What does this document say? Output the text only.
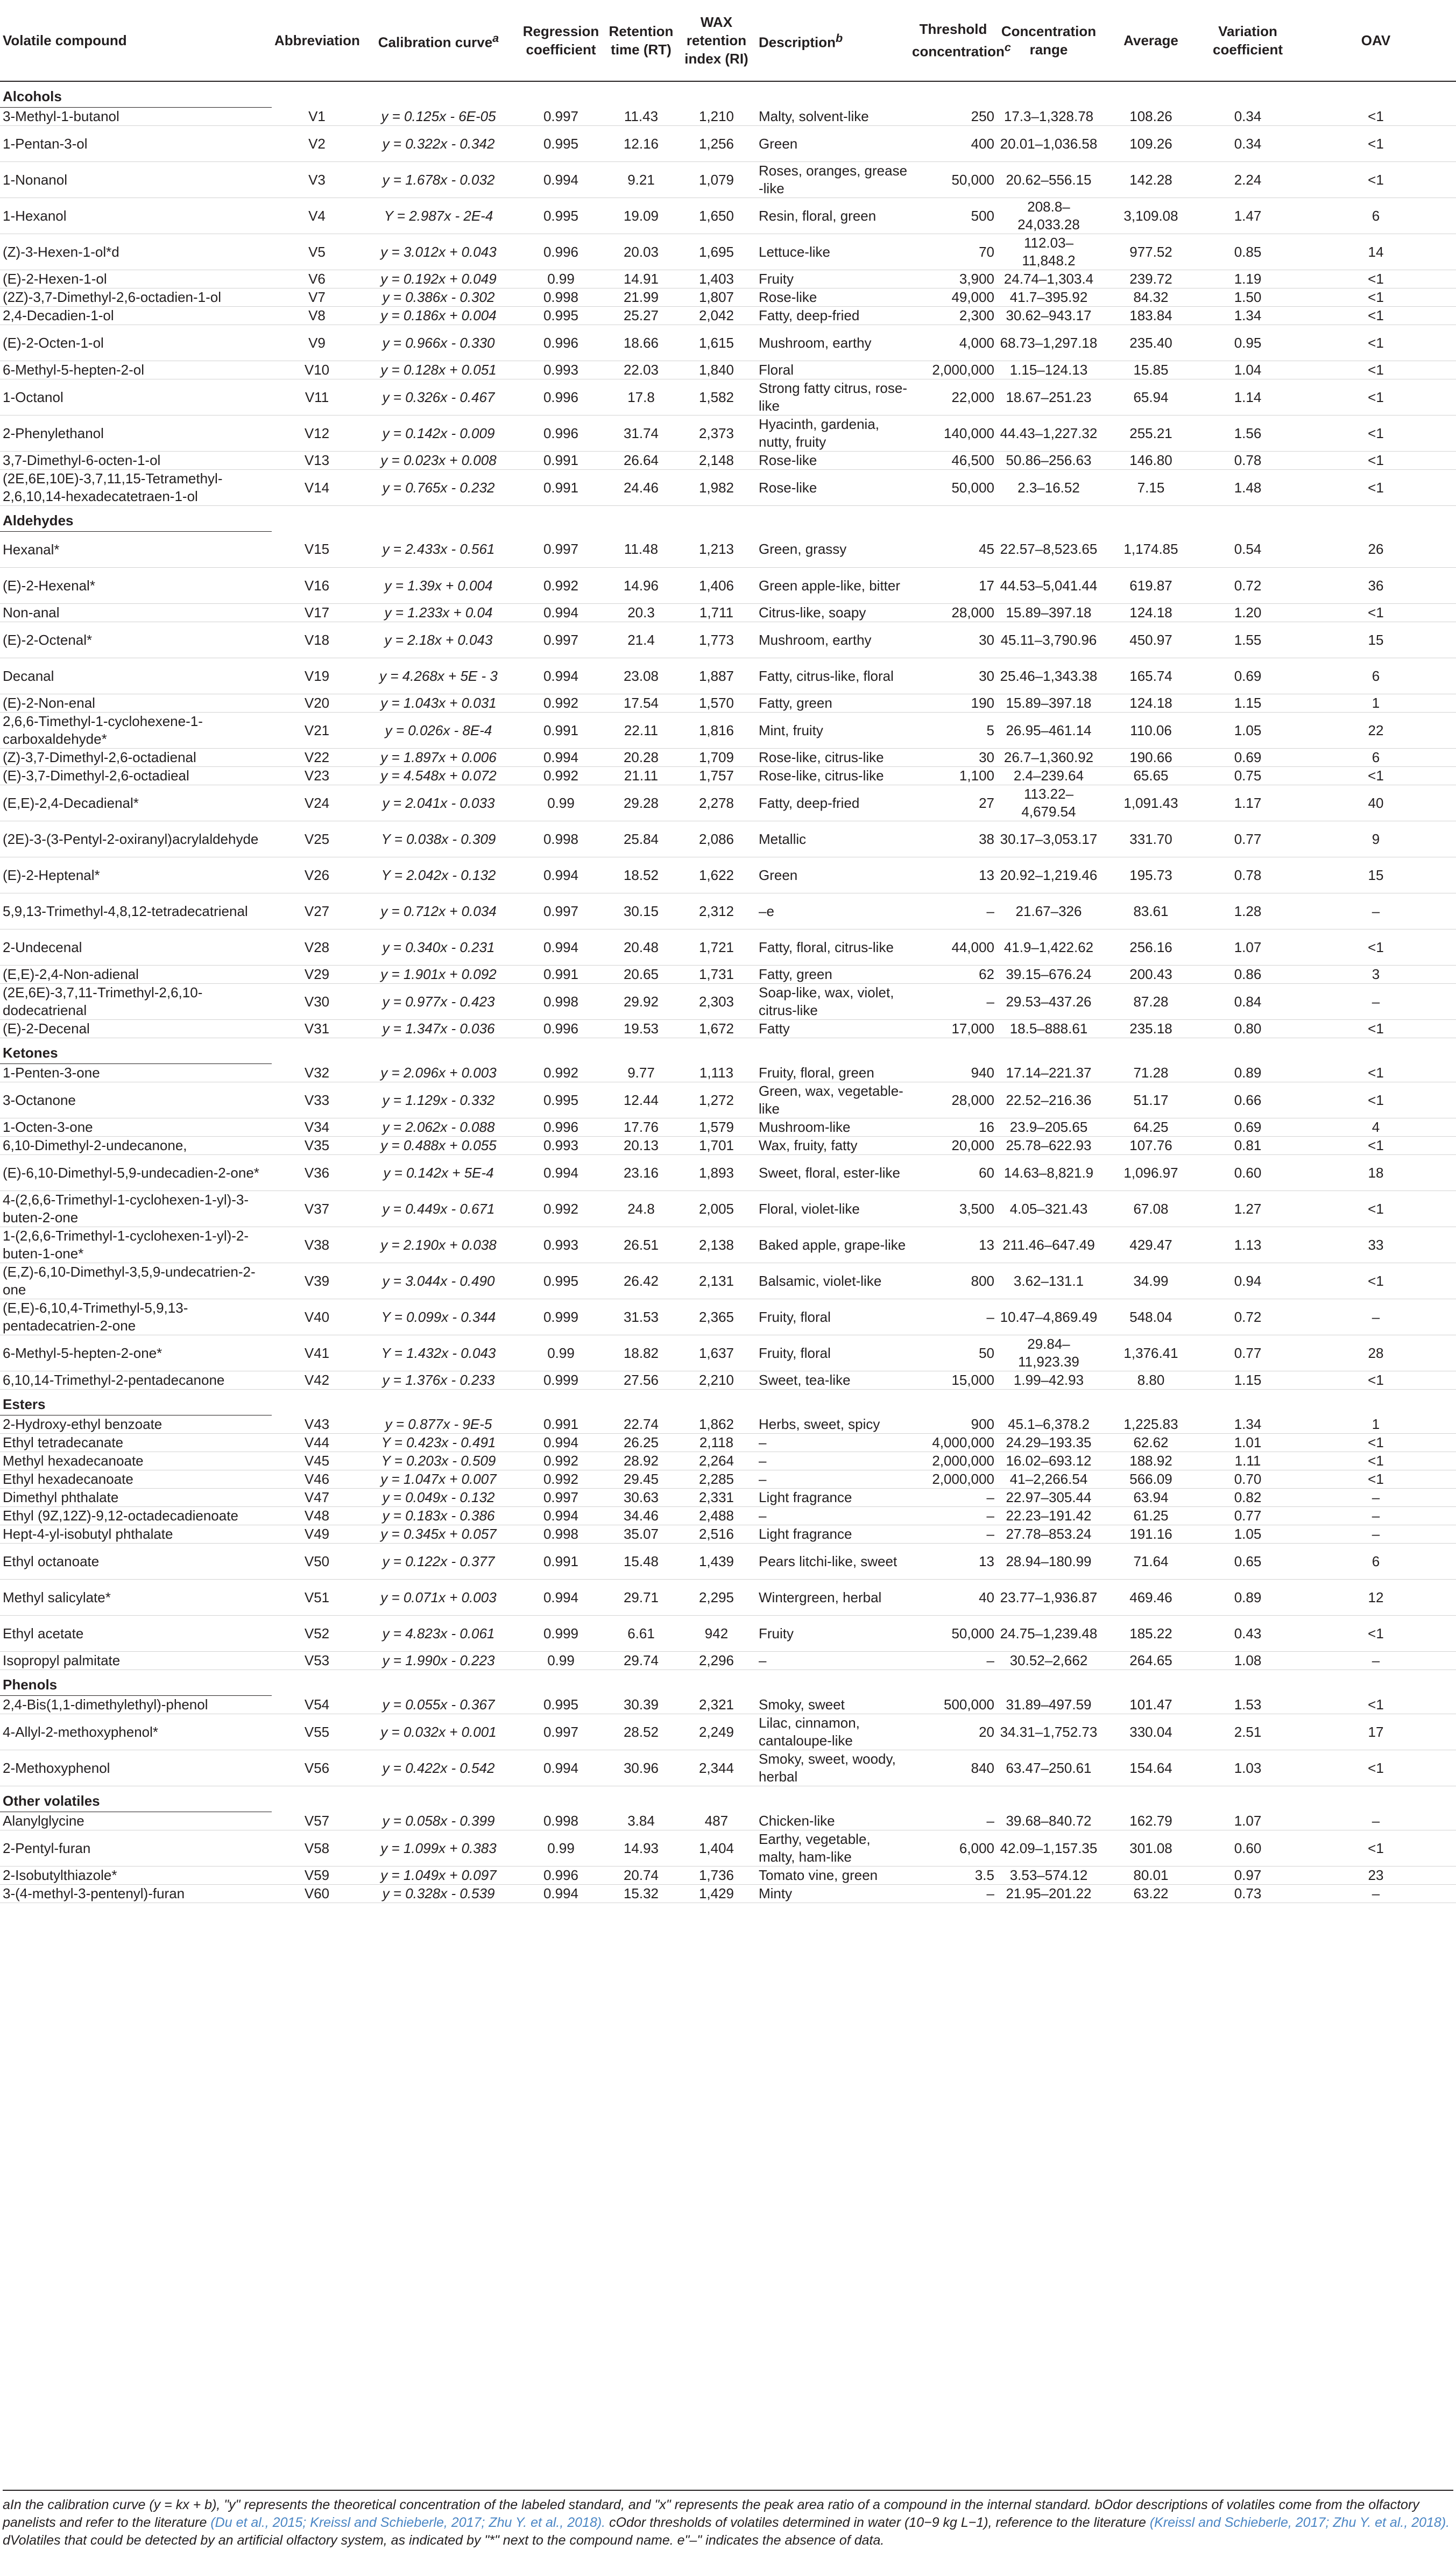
Volatile compound	Abbreviation	Calibration curve$^a$	Regression coefficient	Retention time (RT)	WAX retention index (RI)	Description$^b$	Threshold concentration$^c$	Concentration range	Average	Variation coefficient	OAV
Alcohols											
3-Methyl-1-butanol	V1	y = 0.125x - 6E-05	0.997	11.43	1,210	Malty, solvent-like	250	17.3–1,328.78	108.26	0.34	<1
1-Pentan-3-ol	V2	y = 0.322x - 0.342	0.995	12.16	1,256	Green	400	20.01–1,036.58	109.26	0.34	<1
1-Nonanol	V3	y = 1.678x - 0.032	0.994	9.21	1,079	Roses, oranges, grease -like	50,000	20.62–556.15	142.28	2.24	<1
1-Hexanol	V4	Y = 2.987x - 2E-4	0.995	19.09	1,650	Resin, floral, green	500	208.8–24,033.28	3,109.08	1.47	6
(Z)-3-Hexen-1-ol*d	V5	y = 3.012x + 0.043	0.996	20.03	1,695	Lettuce-like	70	112.03–11,848.2	977.52	0.85	14
(E)-2-Hexen-1-ol	V6	y = 0.192x + 0.049	0.99	14.91	1,403	Fruity	3,900	24.74–1,303.4	239.72	1.19	<1
(2Z)-3,7-Dimethyl-2,6-octadien-1-ol	V7	y = 0.386x - 0.302	0.998	21.99	1,807	Rose-like	49,000	41.7–395.92	84.32	1.50	<1
2,4-Decadien-1-ol	V8	y = 0.186x + 0.004	0.995	25.27	2,042	Fatty, deep-fried	2,300	30.62–943.17	183.84	1.34	<1
(E)-2-Octen-1-ol	V9	y = 0.966x - 0.330	0.996	18.66	1,615	Mushroom, earthy	4,000	68.73–1,297.18	235.40	0.95	<1
6-Methyl-5-hepten-2-ol	V10	y = 0.128x + 0.051	0.993	22.03	1,840	Floral	2,000,000	1.15–124.13	15.85	1.04	<1
1-Octanol	V11	y = 0.326x - 0.467	0.996	17.8	1,582	Strong fatty citrus, rose-like	22,000	18.67–251.23	65.94	1.14	<1
2-Phenylethanol	V12	y = 0.142x - 0.009	0.996	31.74	2,373	Hyacinth, gardenia, nutty, fruity	140,000	44.43–1,227.32	255.21	1.56	<1
3,7-Dimethyl-6-octen-1-ol	V13	y = 0.023x + 0.008	0.991	26.64	2,148	Rose-like	46,500	50.86–256.63	146.80	0.78	<1
(2E,6E,10E)-3,7,11,15-Tetramethyl-2,6,10,14-hexadecatetraen-1-ol	V14	y = 0.765x - 0.232	0.991	24.46	1,982	Rose-like	50,000	2.3–16.52	7.15	1.48	<1
Aldehydes											
Hexanal*	V15	y = 2.433x - 0.561	0.997	11.48	1,213	Green, grassy	45	22.57–8,523.65	1,174.85	0.54	26
(E)-2-Hexenal*	V16	y = 1.39x + 0.004	0.992	14.96	1,406	Green apple-like, bitter	17	44.53–5,041.44	619.87	0.72	36
Non-anal	V17	y = 1.233x + 0.04	0.994	20.3	1,711	Citrus-like, soapy	28,000	15.89–397.18	124.18	1.20	<1
(E)-2-Octenal*	V18	y = 2.18x + 0.043	0.997	21.4	1,773	Mushroom, earthy	30	45.11–3,790.96	450.97	1.55	15
Decanal	V19	y = 4.268x + 5E - 3	0.994	23.08	1,887	Fatty, citrus-like, floral	30	25.46–1,343.38	165.74	0.69	6
(E)-2-Non-enal	V20	y = 1.043x + 0.031	0.992	17.54	1,570	Fatty, green	190	15.89–397.18	124.18	1.15	1
2,6,6-Timethyl-1-cyclohexene-1-carboxaldehyde*	V21	y = 0.026x - 8E-4	0.991	22.11	1,816	Mint, fruity	5	26.95–461.14	110.06	1.05	22
(Z)-3,7-Dimethyl-2,6-octadienal	V22	y = 1.897x + 0.006	0.994	20.28	1,709	Rose-like, citrus-like	30	26.7–1,360.92	190.66	0.69	6
(E)-3,7-Dimethyl-2,6-octadieal	V23	y = 4.548x + 0.072	0.992	21.11	1,757	Rose-like, citrus-like	1,100	2.4–239.64	65.65	0.75	<1
(E,E)-2,4-Decadienal*	V24	y = 2.041x - 0.033	0.99	29.28	2,278	Fatty, deep-fried	27	113.22–4,679.54	1,091.43	1.17	40
(2E)-3-(3-Pentyl-2-oxiranyl)acrylaldehyde	V25	Y = 0.038x - 0.309	0.998	25.84	2,086	Metallic	38	30.17–3,053.17	331.70	0.77	9
(E)-2-Heptenal*	V26	Y = 2.042x - 0.132	0.994	18.52	1,622	Green	13	20.92–1,219.46	195.73	0.78	15
5,9,13-Trimethyl-4,8,12-tetradecatrienal	V27	y = 0.712x + 0.034	0.997	30.15	2,312	–e	–	21.67–326	83.61	1.28	–
2-Undecenal	V28	y = 0.340x - 0.231	0.994	20.48	1,721	Fatty, floral, citrus-like	44,000	41.9–1,422.62	256.16	1.07	<1
(E,E)-2,4-Non-adienal	V29	y = 1.901x + 0.092	0.991	20.65	1,731	Fatty, green	62	39.15–676.24	200.43	0.86	3
(2E,6E)-3,7,11-Trimethyl-2,6,10-dodecatrienal	V30	y = 0.977x - 0.423	0.998	29.92	2,303	Soap-like, wax, violet, citrus-like	–	29.53–437.26	87.28	0.84	–
(E)-2-Decenal	V31	y = 1.347x - 0.036	0.996	19.53	1,672	Fatty	17,000	18.5–888.61	235.18	0.80	<1
Ketones											
1-Penten-3-one	V32	y = 2.096x + 0.003	0.992	9.77	1,113	Fruity, floral, green	940	17.14–221.37	71.28	0.89	<1
3-Octanone	V33	y = 1.129x - 0.332	0.995	12.44	1,272	Green, wax, vegetable-like	28,000	22.52–216.36	51.17	0.66	<1
1-Octen-3-one	V34	y = 2.062x - 0.088	0.996	17.76	1,579	Mushroom-like	16	23.9–205.65	64.25	0.69	4
6,10-Dimethyl-2-undecanone,	V35	y = 0.488x + 0.055	0.993	20.13	1,701	Wax, fruity, fatty	20,000	25.78–622.93	107.76	0.81	<1
(E)-6,10-Dimethyl-5,9-undecadien-2-one*	V36	y = 0.142x + 5E-4	0.994	23.16	1,893	Sweet, floral, ester-like	60	14.63–8,821.9	1,096.97	0.60	18
4-(2,6,6-Trimethyl-1-cyclohexen-1-yl)-3-buten-2-one	V37	y = 0.449x - 0.671	0.992	24.8	2,005	Floral, violet-like	3,500	4.05–321.43	67.08	1.27	<1
1-(2,6,6-Trimethyl-1-cyclohexen-1-yl)-2-buten-1-one*	V38	y = 2.190x + 0.038	0.993	26.51	2,138	Baked apple, grape-like	13	211.46–647.49	429.47	1.13	33
(E,Z)-6,10-Dimethyl-3,5,9-undecatrien-2-one	V39	y = 3.044x - 0.490	0.995	26.42	2,131	Balsamic, violet-like	800	3.62–131.1	34.99	0.94	<1
(E,E)-6,10,4-Trimethyl-5,9,13-pentadecatrien-2-one	V40	Y = 0.099x - 0.344	0.999	31.53	2,365	Fruity, floral	–	10.47–4,869.49	548.04	0.72	–
6-Methyl-5-hepten-2-one*	V41	Y = 1.432x - 0.043	0.99	18.82	1,637	Fruity, floral	50	29.84–11,923.39	1,376.41	0.77	28
6,10,14-Trimethyl-2-pentadecanone	V42	y = 1.376x - 0.233	0.999	27.56	2,210	Sweet, tea-like	15,000	1.99–42.93	8.80	1.15	<1
Esters											
2-Hydroxy-ethyl benzoate	V43	y = 0.877x - 9E-5	0.991	22.74	1,862	Herbs, sweet, spicy	900	45.1–6,378.2	1,225.83	1.34	1
Ethyl tetradecanate	V44	Y = 0.423x - 0.491	0.994	26.25	2,118	–	4,000,000	24.29–193.35	62.62	1.01	<1
Methyl hexadecanoate	V45	Y = 0.203x - 0.509	0.992	28.92	2,264	–	2,000,000	16.02–693.12	188.92	1.11	<1
Ethyl hexadecanoate	V46	y = 1.047x + 0.007	0.992	29.45	2,285	–	2,000,000	41–2,266.54	566.09	0.70	<1
Dimethyl phthalate	V47	y = 0.049x - 0.132	0.997	30.63	2,331	Light fragrance	–	22.97–305.44	63.94	0.82	–
Ethyl (9Z,12Z)-9,12-octadecadienoate	V48	y = 0.183x - 0.386	0.994	34.46	2,488	–	–	22.23–191.42	61.25	0.77	–
Hept-4-yl-isobutyl phthalate	V49	y = 0.345x + 0.057	0.998	35.07	2,516	Light fragrance	–	27.78–853.24	191.16	1.05	–
Ethyl octanoate	V50	y = 0.122x - 0.377	0.991	15.48	1,439	Pears litchi-like, sweet	13	28.94–180.99	71.64	0.65	6
Methyl salicylate*	V51	y = 0.071x + 0.003	0.994	29.71	2,295	Wintergreen, herbal	40	23.77–1,936.87	469.46	0.89	12
Ethyl acetate	V52	y = 4.823x - 0.061	0.999	6.61	942	Fruity	50,000	24.75–1,239.48	185.22	0.43	<1
Isopropyl palmitate	V53	y = 1.990x - 0.223	0.99	29.74	2,296	–	–	30.52–2,662	264.65	1.08	–
Phenols											
2,4-Bis(1,1-dimethylethyl)-phenol	V54	y = 0.055x - 0.367	0.995	30.39	2,321	Smoky, sweet	500,000	31.89–497.59	101.47	1.53	<1
4-Allyl-2-methoxyphenol*	V55	y = 0.032x + 0.001	0.997	28.52	2,249	Lilac, cinnamon, cantaloupe-like	20	34.31–1,752.73	330.04	2.51	17
2-Methoxyphenol	V56	y = 0.422x - 0.542	0.994	30.96	2,344	Smoky, sweet, woody, herbal	840	63.47–250.61	154.64	1.03	<1
Other volatiles											
Alanylglycine	V57	y = 0.058x - 0.399	0.998	3.84	487	Chicken-like	–	39.68–840.72	162.79	1.07	–
2-Pentyl-furan	V58	y = 1.099x + 0.383	0.99	14.93	1,404	Earthy, vegetable, malty, ham-like	6,000	42.09–1,157.35	301.08	0.60	<1
2-Isobutylthiazole*	V59	y = 1.049x + 0.097	0.996	20.74	1,736	Tomato vine, green	3.5	3.53–574.12	80.01	0.97	23
3-(4-methyl-3-pentenyl)-furan	V60	y = 0.328x - 0.539	0.994	15.32	1,429	Minty	–	21.95–201.22	63.22	0.73	–
aIn the calibration curve (y = kx + b), "y" represents the theoretical concentration of the labeled standard, and "x" represents the peak area ratio of a compound in the internal standard. bOdor descriptions of volatiles come from the olfactory panelists and refer to the literature (Du et al., 2015; Kreissl and Schieberle, 2017; Zhu Y. et al., 2018). cOdor thresholds of volatiles determined in water (10−9 kg L−1), reference to the literature (Kreissl and Schieberle, 2017; Zhu Y. et al., 2018). dVolatiles that could be detected by an artificial olfactory system, as indicated by "*" next to the compound name. e"–" indicates the absence of data.
